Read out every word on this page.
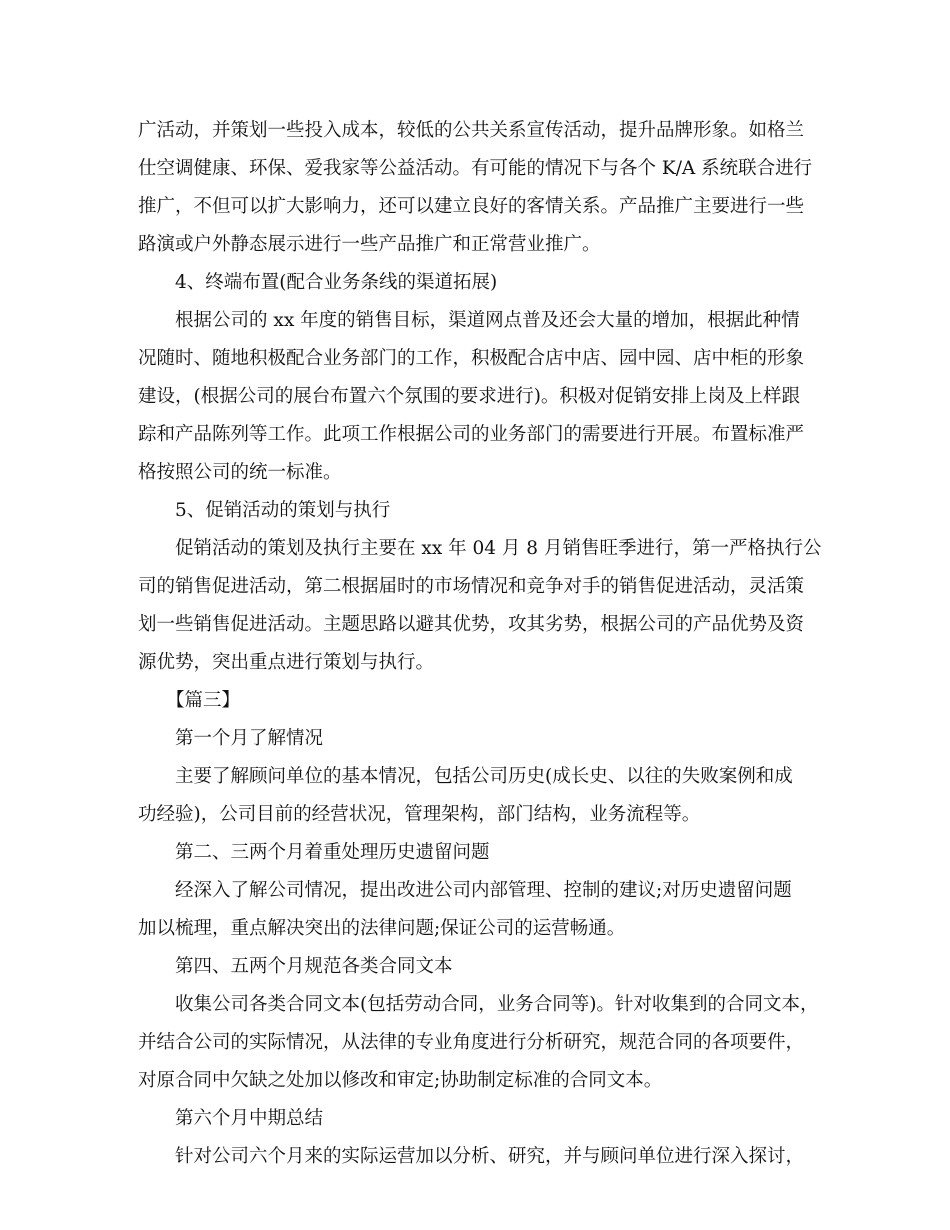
广活动，并策划一些投入成本，较低的公共关系宣传活动，提升品牌形象。如格兰
仕空调健康、环保、爱我家等公益活动。有可能的情况下与各个 K/A 系统联合进行
推广，不但可以扩大影响力，还可以建立良好的客情关系。产品推广主要进行一些
路演或户外静态展示进行一些产品推广和正常营业推广。
4、终端布置(配合业务条线的渠道拓展)
根据公司的 xx 年度的销售目标，渠道网点普及还会大量的增加，根据此种情
况随时、随地积极配合业务部门的工作，积极配合店中店、园中园、店中柜的形象
建设，(根据公司的展台布置六个氛围的要求进行)。积极对促销安排上岗及上样跟
踪和产品陈列等工作。此项工作根据公司的业务部门的需要进行开展。布置标准严
格按照公司的统一标准。
5、促销活动的策划与执行
促销活动的策划及执行主要在 xx 年 04 月 8 月销售旺季进行，第一严格执行公
司的销售促进活动，第二根据届时的市场情况和竞争对手的销售促进活动，灵活策
划一些销售促进活动。主题思路以避其优势，攻其劣势，根据公司的产品优势及资
源优势，突出重点进行策划与执行。
【篇三】
第一个月了解情况
主要了解顾问单位的基本情况，包括公司历史(成长史、以往的失败案例和成
功经验)，公司目前的经营状况，管理架构，部门结构，业务流程等。
第二、三两个月着重处理历史遗留问题
经深入了解公司情况，提出改进公司内部管理、控制的建议;对历史遗留问题
加以梳理，重点解决突出的法律问题;保证公司的运营畅通。
第四、五两个月规范各类合同文本
收集公司各类合同文本(包括劳动合同，业务合同等)。针对收集到的合同文本，
并结合公司的实际情况，从法律的专业角度进行分析研究，规范合同的各项要件，
对原合同中欠缺之处加以修改和审定;协助制定标准的合同文本。
第六个月中期总结
针对公司六个月来的实际运营加以分析、研究，并与顾问单位进行深入探讨，
